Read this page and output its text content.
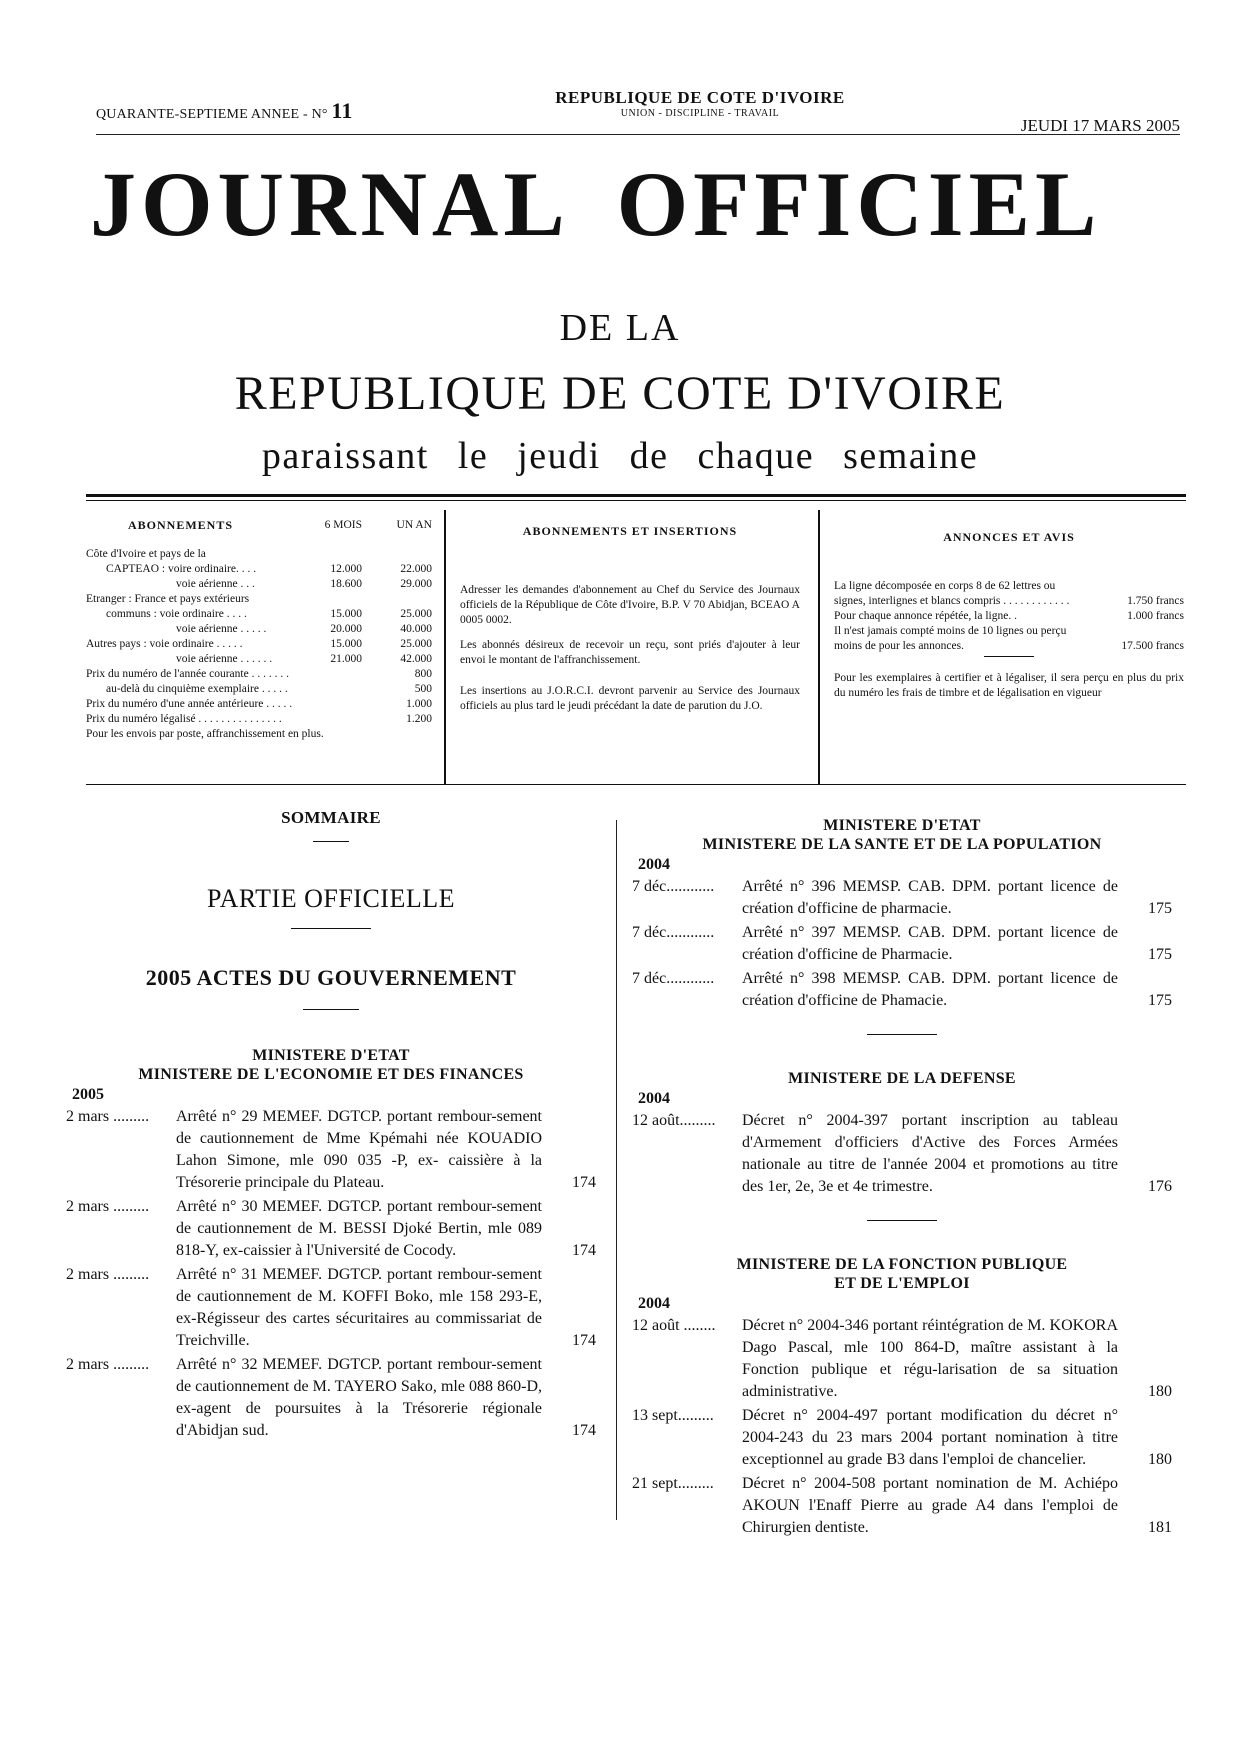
QUARANTE-SEPTIEME ANNEE - N° 11
REPUBLIQUE DE COTE D'IVOIRE
UNION - DISCIPLINE - TRAVAIL
JEUDI 17 MARS 2005
JOURNAL OFFICIEL
DE LA
REPUBLIQUE DE COTE D'IVOIRE
paraissant le jeudi de chaque semaine
ABONNEMENTS	6 MOIS	UN AN
Côte d'Ivoire et pays de la
CAPTEAO : voire ordinaire. . . .	12.000	22.000
voie aérienne . . .	18.600	29.000
Etranger : France et pays extérieurs
communs : voie ordinaire . . . .	15.000	25.000
voie aérienne . . . . .	20.000	40.000
Autres pays : voie ordinaire . . . . .	15.000	25.000
voie aérienne . . . . . .	21.000	42.000
Prix du numéro de l'année courante . . . . . . .	800
au-delà du cinquième exemplaire . . . . .	500
Prix du numéro d'une année antérieure . . . . .	1.000
Prix du numéro légalisé . . . . . . . . . . . . . . .	1.200
Pour les envois par poste, affranchissement en plus.
ABONNEMENTS ET INSERTIONS
Adresser les demandes d'abonnement au Chef du Service des Journaux officiels de la République de Côte d'Ivoire, B.P. V 70 Abidjan, BCEAO A 0005 0002.
Les abonnés désireux de recevoir un reçu, sont priés d'ajouter à leur envoi le montant de l'affranchissement.
Les insertions au J.O.R.C.I. devront parvenir au Service des Journaux officiels au plus tard le jeudi précédant la date de parution du J.O.
ANNONCES ET AVIS
La ligne décomposée en corps 8 de 62 lettres ou signes, interlignes et blancs compris . . . . . . . . . . . .	1.750 francs
Pour chaque annonce répétée, la ligne. .	1.000 francs
Il n'est jamais compté moins de 10 lignes ou perçu moins de pour les annonces.	17.500 francs
Pour les exemplaires à certifier et à légaliser, il sera perçu en plus du prix du numéro les frais de timbre et de légalisation en vigueur
SOMMAIRE
PARTIE OFFICIELLE
2005 ACTES DU GOUVERNEMENT
MINISTERE D'ETAT
MINISTERE DE L'ECONOMIE ET DES FINANCES
2005
2 mars .........	Arrêté n° 29 MEMEF. DGTCP. portant rembour-sement de cautionnement de Mme Kpémahi née KOUADIO Lahon Simone, mle 090 035 -P, ex- caissière à la Trésorerie principale du Plateau.	174
2 mars .........	Arrêté n° 30 MEMEF. DGTCP. portant rembour-sement de cautionnement de M. BESSI Djoké Bertin, mle 089 818-Y, ex-caissier à l'Université de Cocody.	174
2 mars .........	Arrêté n° 31 MEMEF. DGTCP. portant rembour-sement de cautionnement de M. KOFFI Boko, mle 158 293-E, ex-Régisseur des cartes sécuritaires au commissariat de Treichville.	174
2 mars .........	Arrêté n° 32 MEMEF. DGTCP. portant rembour-sement de cautionnement de M. TAYERO Sako, mle 088 860-D, ex-agent de poursuites à la Trésorerie régionale d'Abidjan sud.	174
MINISTERE D'ETAT
MINISTERE DE LA SANTE ET DE LA POPULATION
2004
7 déc............	Arrêté n° 396 MEMSP. CAB. DPM. portant licence de création d'officine de pharmacie.	175
7 déc............	Arrêté n° 397 MEMSP. CAB. DPM. portant licence de création d'officine de Pharmacie.	175
7 déc............	Arrêté n° 398 MEMSP. CAB. DPM. portant licence de création d'officine de Phamacie.	175
MINISTERE DE LA DEFENSE
2004
12 août.........	Décret n° 2004-397 portant inscription au tableau d'Armement d'officiers d'Active des Forces Armées nationale au titre de l'année 2004 et promotions au titre des 1er, 2e, 3e et 4e trimestre.	176
MINISTERE DE LA FONCTION PUBLIQUE
ET DE L'EMPLOI
2004
12 août ........	Décret n° 2004-346 portant réintégration de M. KOKORA Dago Pascal, mle 100 864-D, maître assistant à la Fonction publique et régu-larisation de sa situation administrative.	180
13 sept.........	Décret n° 2004-497 portant modification du décret n° 2004-243 du 23 mars 2004 portant nomination à titre exceptionnel au grade B3 dans l'emploi de chancelier.	180
21 sept.........	Décret n° 2004-508 portant nomination de M. Achiépo AKOUN l'Enaff Pierre au grade A4 dans l'emploi de Chirurgien dentiste.	181
